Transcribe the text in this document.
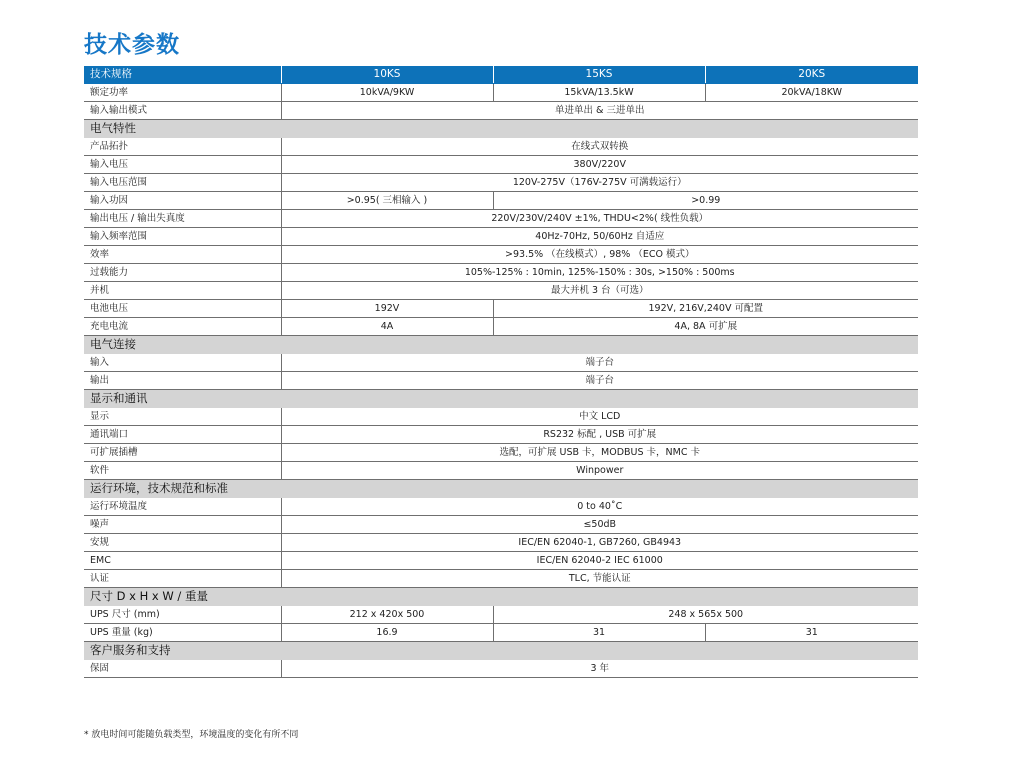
技术参数
技术规格	10KS	15KS	20KS
额定功率	10kVA/9KW	15kVA/13.5kW	20kVA/18KW
输入输出模式	单进单出 & 三进单出		
电气特性			
产品拓扑	在线式双转换		
输入电压	380V/220V		
输入电压范围	120V-275V（176V-275V 可满载运行）		
输入功因	>0.95( 三相输入 )	>0.99	
输出电压 / 输出失真度	220V/230V/240V ±1%, THDU<2%( 线性负载）		
输入频率范围	40Hz-70Hz, 50/60Hz 自适应		
效率	>93.5% （在线模式）, 98% （ECO 模式）		
过载能力	105%-125% : 10min, 125%-150% : 30s, >150% : 500ms		
并机	最大并机 3 台（可选）		
电池电压	192V	192V, 216V,240V 可配置	
充电电流	4A	4A, 8A 可扩展	
电气连接			
输入	端子台		
输出	端子台		
显示和通讯			
显示	中文 LCD		
通讯端口	RS232 标配 , USB 可扩展		
可扩展插槽	选配，可扩展 USB 卡，MODBUS 卡，NMC 卡		
软件	Winpower		
运行环境，技术规范和标准			
运行环境温度	0 to 40˚C		
噪声	≤50dB		
安规	IEC/EN 62040-1, GB7260, GB4943		
EMC	IEC/EN 62040-2 IEC 61000		
认证	TLC, 节能认证		
尺寸 D x H x W / 重量			
UPS 尺寸 (mm)	212 x 420x 500	248 x 565x 500	
UPS 重量 (kg)	16.9	31	31
客户服务和支持			
保固	3 年		
* 放电时间可能随负载类型，环境温度的变化有所不同
